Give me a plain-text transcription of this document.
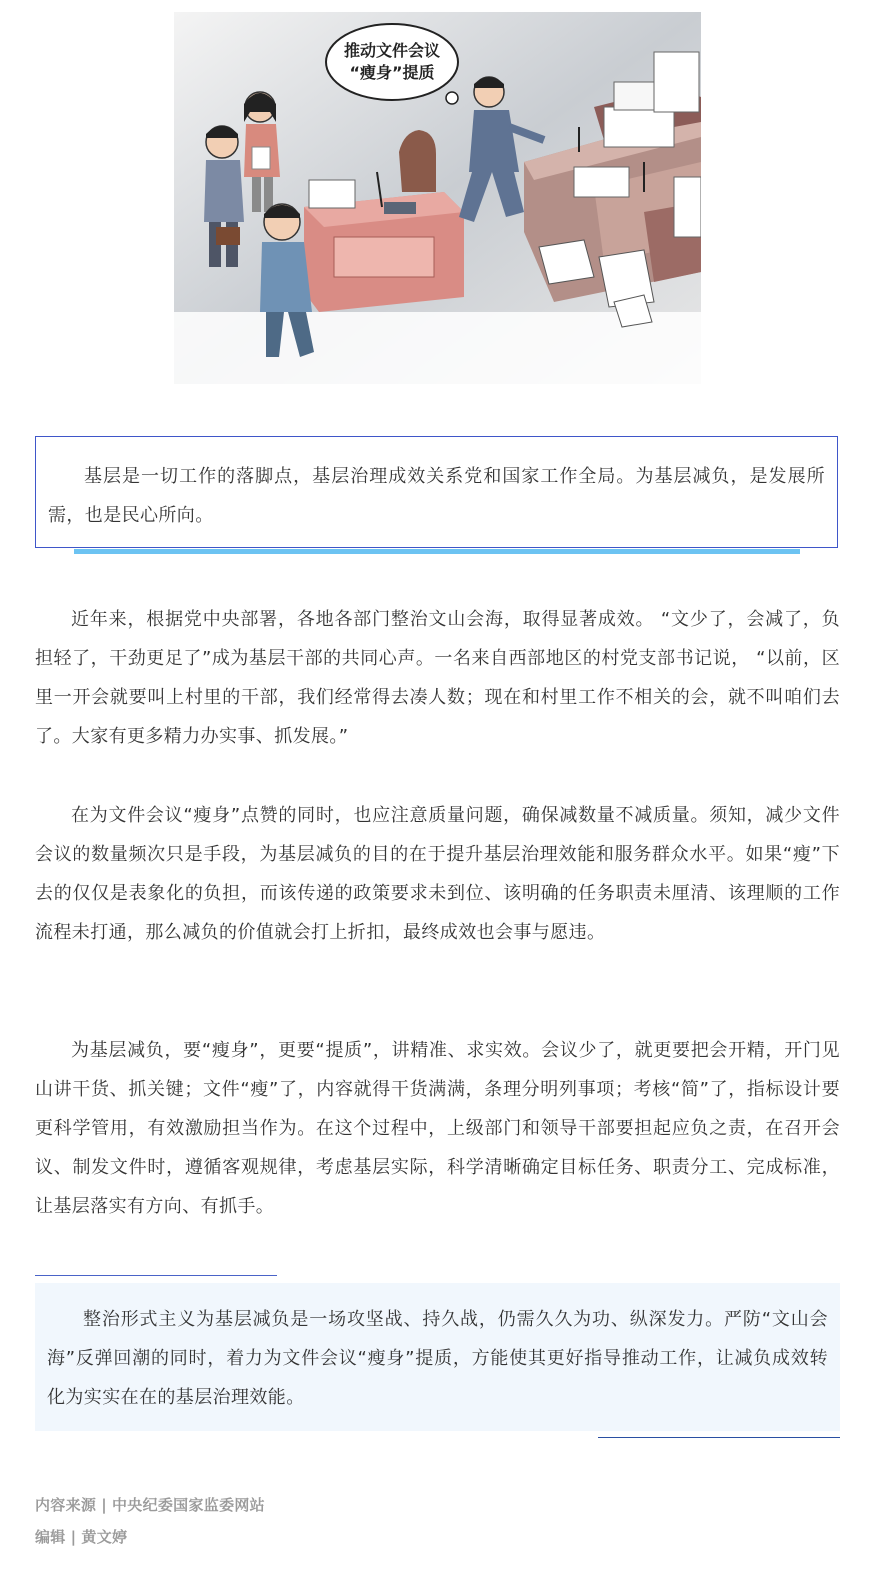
推动文件会议
“瘦身”提质

基层是一切工作的落脚点，基层治理成效关系党和国家工作全局。为基层减负，是发展所需，也是民心所向。

近年来，根据党中央部署，各地各部门整治文山会海，取得显著成效。 “文少了，会减了，负担轻了，干劲更足了”成为基层干部的共同心声。一名来自西部地区的村党支部书记说， “以前，区里一开会就要叫上村里的干部，我们经常得去凑人数；现在和村里工作不相关的会，就不叫咱们去了。大家有更多精力办实事、抓发展。”

在为文件会议“瘦身”点赞的同时，也应注意质量问题，确保减数量不减质量。须知，减少文件会议的数量频次只是手段，为基层减负的目的在于提升基层治理效能和服务群众水平。如果“瘦”下去的仅仅是表象化的负担，而该传递的政策要求未到位、该明确的任务职责未厘清、该理顺的工作流程未打通，那么减负的价值就会打上折扣，最终成效也会事与愿违。

为基层减负，要“瘦身”，更要“提质”，讲精准、求实效。会议少了，就更要把会开精，开门见山讲干货、抓关键；文件“瘦”了，内容就得干货满满，条理分明列事项；考核“简”了，指标设计要更科学管用，有效激励担当作为。在这个过程中，上级部门和领导干部要担起应负之责，在召开会议、制发文件时，遵循客观规律，考虑基层实际，科学清晰确定目标任务、职责分工、完成标准，让基层落实有方向、有抓手。

整治形式主义为基层减负是一场攻坚战、持久战，仍需久久为功、纵深发力。严防“文山会海”反弹回潮的同时，着力为文件会议“瘦身”提质，方能使其更好指导推动工作，让减负成效转化为实实在在的基层治理效能。

内容来源 | 中央纪委国家监委网站
编辑 | 黄文婷
